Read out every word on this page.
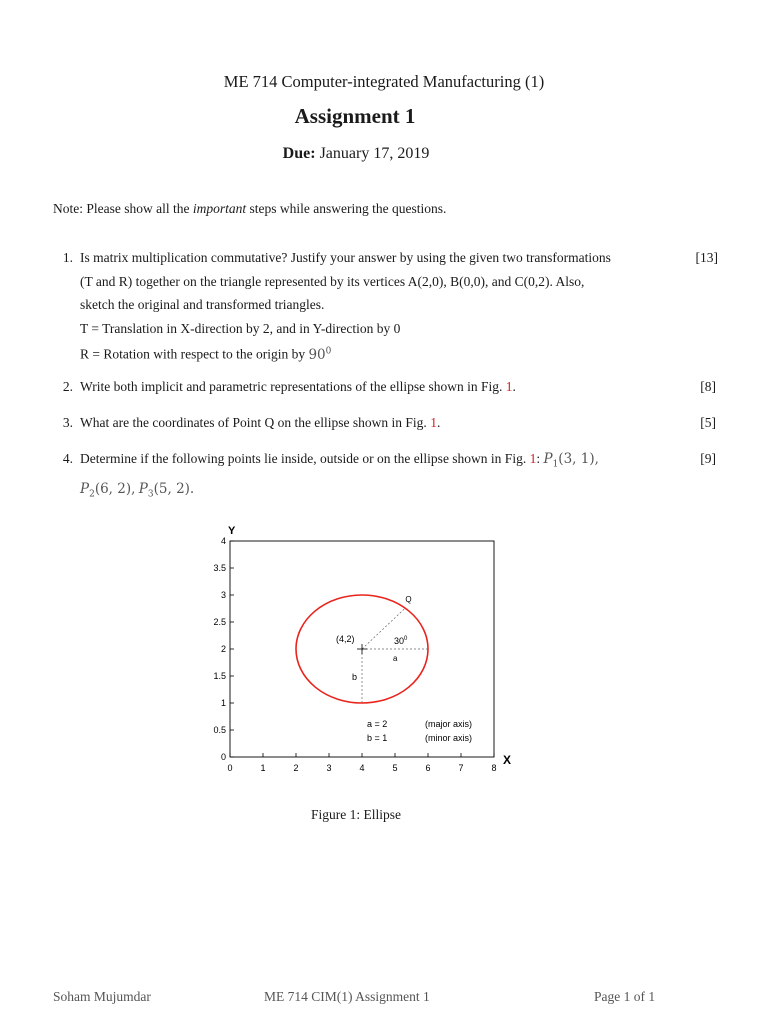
ME 714 Computer-integrated Manufacturing (1)
Assignment 1
Due: January 17, 2019
Note: Please show all the important steps while answering the questions.
1. Is matrix multiplication commutative? Justify your answer by using the given two transformations
(T and R) together on the triangle represented by its vertices A(2,0), B(0,0), and C(0,2). Also,
sketch the original and transformed triangles.
T = Translation in X-direction by 2, and in Y-direction by 0
R = Rotation with respect to the origin by $90^0$
[13]
2. Write both implicit and parametric representations of the ellipse shown in Fig. 1.	[8]
3. What are the coordinates of Point Q on the ellipse shown in Fig. 1.	[5]
4. Determine if the following points lie inside, outside or on the ellipse shown in Fig. 1: $P_1(3$, 1),
$P_2(6$, 2), $P_3(5$, 2).
[9]
0	1	2	3	4	5	6	7	8
0
0.5
1
1.5
2
2.5
3
3.5
4
Y
X
(4,2)	$30^0$
a
b
Q
a = 2
b = 1
(major axis)
(minor axis)
Figure 1: Ellipse
Soham Mujumdar	ME 714 CIM(1) Assignment 1	Page 1 of 1
